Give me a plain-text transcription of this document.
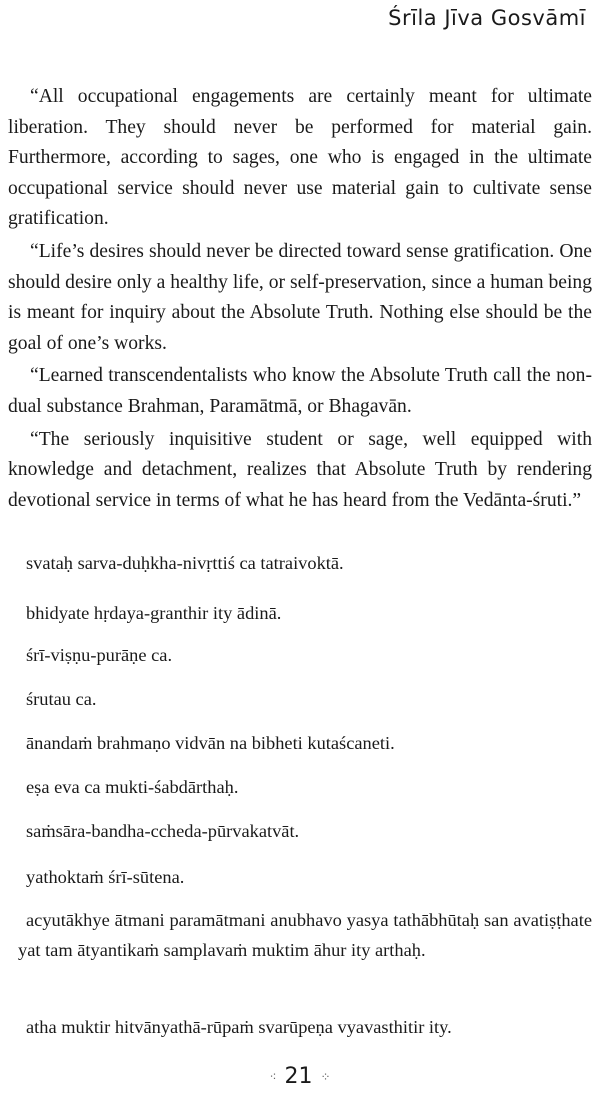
Śrīla Jīva Gosvāmī

“All occupational engagements are certainly meant for ultimate liberation. They should never be performed for material gain. Furthermore, according to sages, one who is engaged in the ultimate occupational service should never use material gain to cultivate sense gratification.

“Life’s desires should never be directed toward sense gratification. One should desire only a healthy life, or self-preservation, since a human being is meant for inquiry about the Absolute Truth. Nothing else should be the goal of one’s works.

“Learned transcendentalists who know the Absolute Truth call the non-dual substance Brahman, Paramātmā, or Bhagavān.

“The seriously inquisitive student or sage, well equipped with knowledge and detachment, realizes that Absolute Truth by rendering devotional service in terms of what he has heard from the Vedānta-śruti.”

svataḥ sarva-duḥkha-nivṛttiś ca tatraivoktā.
bhidyate hṛdaya-granthir ity ādinā.
śrī-viṣṇu-purāṇe ca.
śrutau ca.
ānandaṁ brahmaṇo vidvān na bibheti kutaścaneti.
eṣa eva ca mukti-śabdārthaḥ.
saṁsāra-bandha-ccheda-pūrvakatvāt.
yathoktaṁ śrī-sūtena.
acyutākhye ātmani paramātmani anubhavo yasya tathābhūtaḥ san avatiṣṭhate yat tam ātyantikaṁ samplavaṁ muktim āhur ity arthaḥ.
atha muktir hitvānyathā-rūpaṁ svarūpeṇa vyavasthitir ity.
⁖ 21 ⁘
